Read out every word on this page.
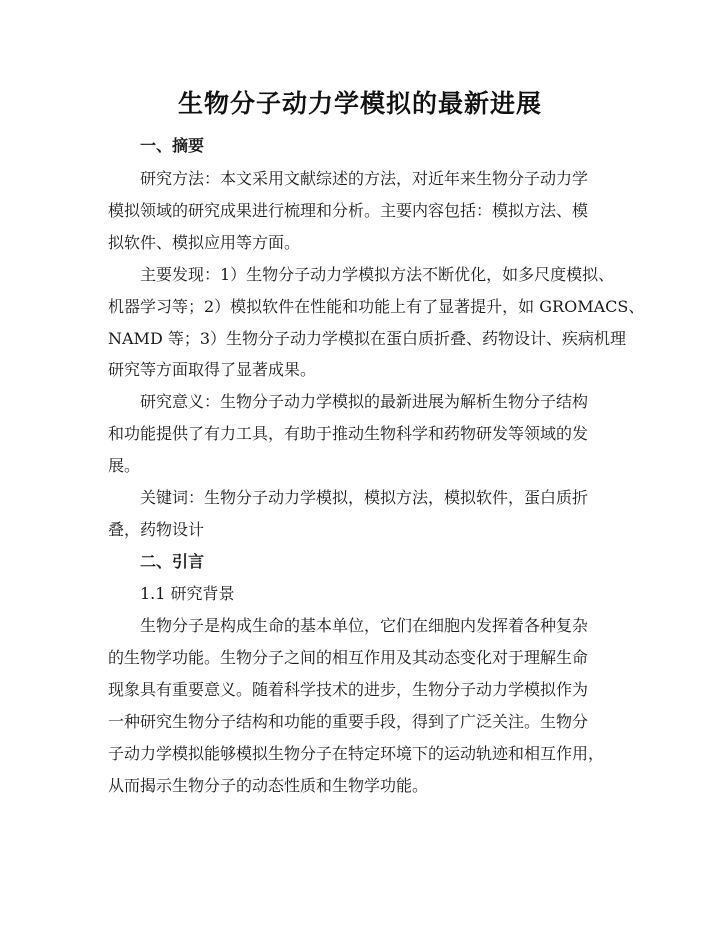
生物分子动力学模拟的最新进展
一、摘要
研究方法：本文采用文献综述的方法，对近年来生物分子动力学
模拟领域的研究成果进行梳理和分析。主要内容包括：模拟方法、模
拟软件、模拟应用等方面。
主要发现：1）生物分子动力学模拟方法不断优化，如多尺度模拟、
机器学习等；2）模拟软件在性能和功能上有了显著提升，如 GROMACS、
NAMD 等；3）生物分子动力学模拟在蛋白质折叠、药物设计、疾病机理
研究等方面取得了显著成果。
研究意义：生物分子动力学模拟的最新进展为解析生物分子结构
和功能提供了有力工具，有助于推动生物科学和药物研发等领域的发
展。
关键词：生物分子动力学模拟，模拟方法，模拟软件，蛋白质折
叠，药物设计
二、引言
1.1 研究背景
生物分子是构成生命的基本单位，它们在细胞内发挥着各种复杂
的生物学功能。生物分子之间的相互作用及其动态变化对于理解生命
现象具有重要意义。随着科学技术的进步，生物分子动力学模拟作为
一种研究生物分子结构和功能的重要手段，得到了广泛关注。生物分
子动力学模拟能够模拟生物分子在特定环境下的运动轨迹和相互作用，
从而揭示生物分子的动态性质和生物学功能。
